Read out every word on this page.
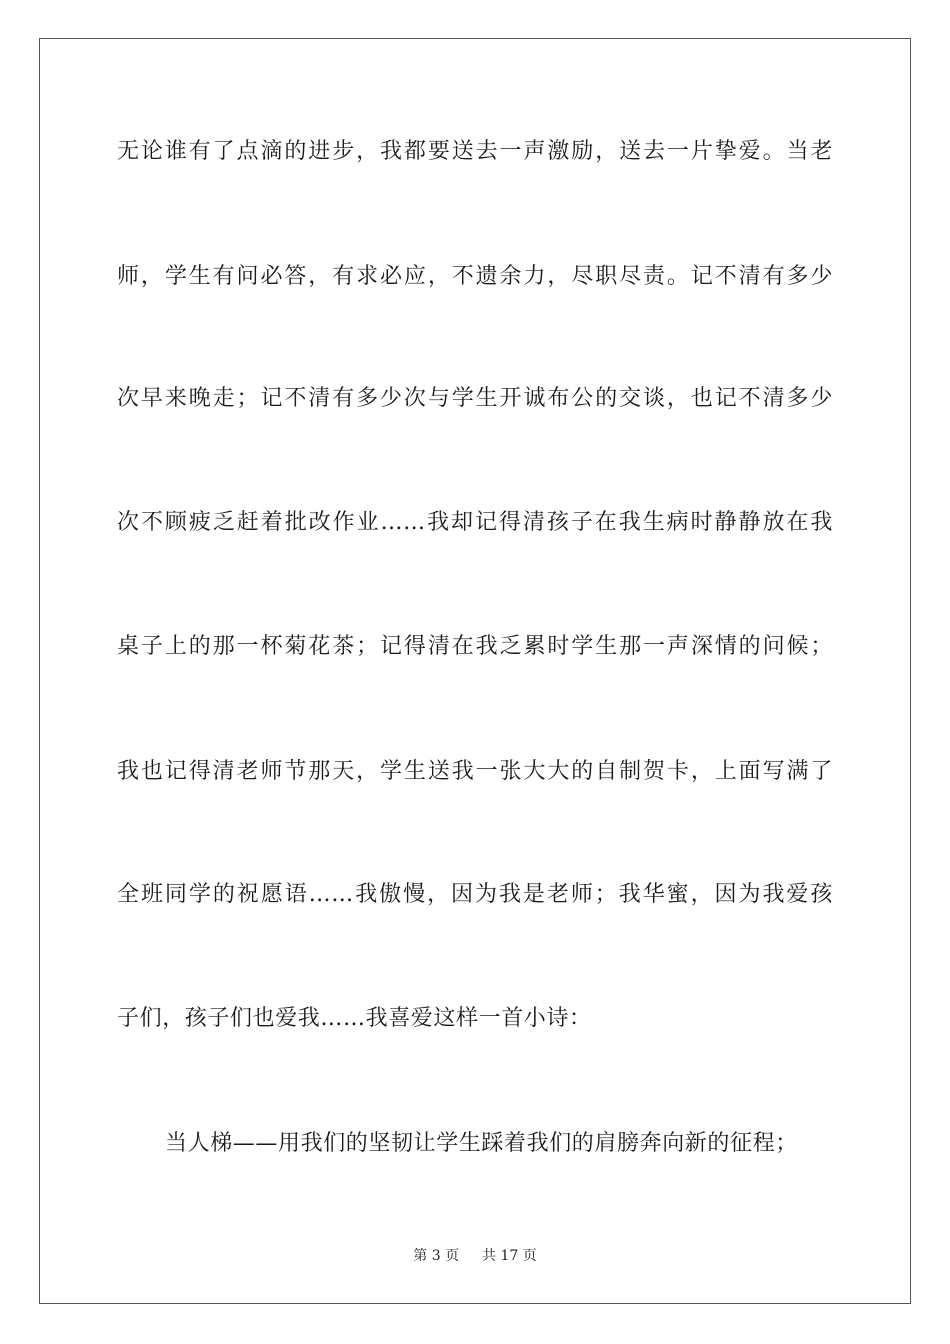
无论谁有了点滴的进步，我都要送去一声激励，送去一片挚爱。当老
师，学生有问必答，有求必应，不遗余力，尽职尽责。记不清有多少
次早来晚走；记不清有多少次与学生开诚布公的交谈，也记不清多少
次不顾疲乏赶着批改作业……我却记得清孩子在我生病时静静放在我
桌子上的那一杯菊花茶；记得清在我乏累时学生那一声深情的问候；
我也记得清老师节那天，学生送我一张大大的自制贺卡，上面写满了
全班同学的祝愿语……我傲慢，因为我是老师；我华蜜，因为我爱孩
子们，孩子们也爱我……我喜爱这样一首小诗：
当人梯——用我们的坚韧让学生踩着我们的肩膀奔向新的征程；
第 3 页 共 17 页
